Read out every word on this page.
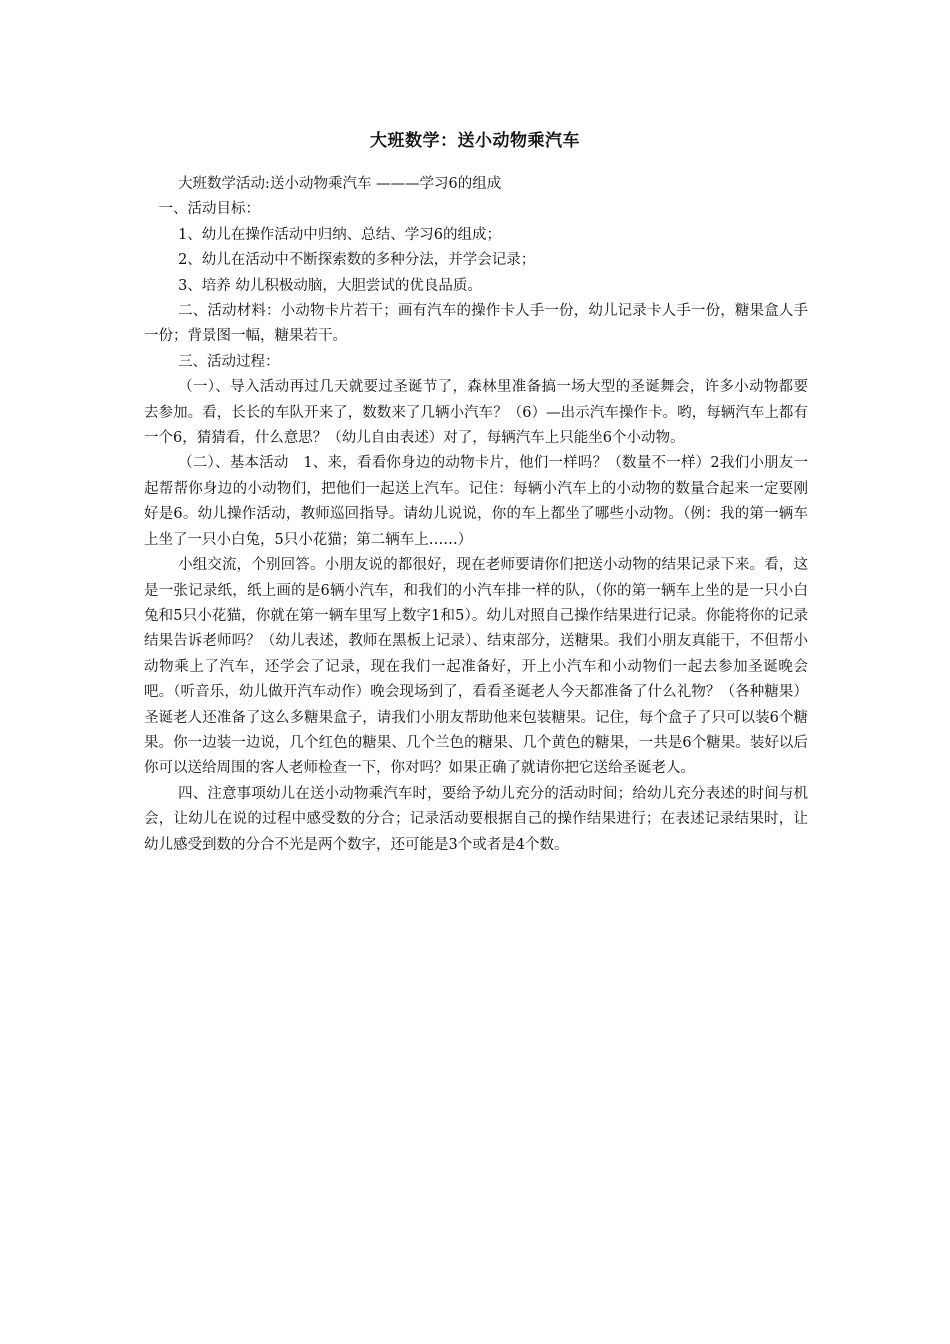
大班数学：送小动物乘汽车

大班数学活动:送小动物乘汽车 ———学习6的组成

一、活动目标：

1、幼儿在操作活动中归纳、总结、学习6的组成；

2、幼儿在活动中不断探索数的多种分法，并学会记录；

3、培养 幼儿积极动脑，大胆尝试的优良品质。

二、活动材料：小动物卡片若干；画有汽车的操作卡人手一份，幼儿记录卡人手一份，糖果盒人手一份；背景图一幅，糖果若干。

三、活动过程：

（一）、导入活动再过几天就要过圣诞节了，森林里准备搞一场大型的圣诞舞会，许多小动物都要去参加。看，长长的车队开来了，数数来了几辆小汽车？（6）—出示汽车操作卡。哟，每辆汽车上都有一个6，猜猜看，什么意思？（幼儿自由表述）对了，每辆汽车上只能坐6个小动物。

（二）、基本活动　1、来，看看你身边的动物卡片，他们一样吗？（数量不一样）2我们小朋友一起帮帮你身边的小动物们，把他们一起送上汽车。记住：每辆小汽车上的小动物的数量合起来一定要刚好是6。幼儿操作活动，教师巡回指导。请幼儿说说，你的车上都坐了哪些小动物。（例：我的第一辆车上坐了一只小白兔，5只小花猫；第二辆车上……）

小组交流，个别回答。小朋友说的都很好，现在老师要请你们把送小动物的结果记录下来。看，这是一张记录纸，纸上画的是6辆小汽车，和我们的小汽车排一样的队，（你的第一辆车上坐的是一只小白兔和5只小花猫，你就在第一辆车里写上数字1和5）。幼儿对照自己操作结果进行记录。你能将你的记录结果告诉老师吗？（幼儿表述，教师在黑板上记录）、结束部分，送糖果。我们小朋友真能干，不但帮小动物乘上了汽车，还学会了记录，现在我们一起准备好，开上小汽车和小动物们一起去参加圣诞晚会吧。（听音乐，幼儿做开汽车动作）晚会现场到了，看看圣诞老人今天都准备了什么礼物？（各种糖果）圣诞老人还准备了这么多糖果盒子，请我们小朋友帮助他来包装糖果。记住，每个盒子了只可以装6个糖果。你一边装一边说，几个红色的糖果、几个兰色的糖果、几个黄色的糖果，一共是6个糖果。装好以后你可以送给周围的客人老师检查一下，你对吗？如果正确了就请你把它送给圣诞老人。

四、注意事项幼儿在送小动物乘汽车时，要给予幼儿充分的活动时间；给幼儿充分表述的时间与机会，让幼儿在说的过程中感受数的分合；记录活动要根据自己的操作结果进行；在表述记录结果时，让幼儿感受到数的分合不光是两个数字，还可能是3个或者是4个数。
